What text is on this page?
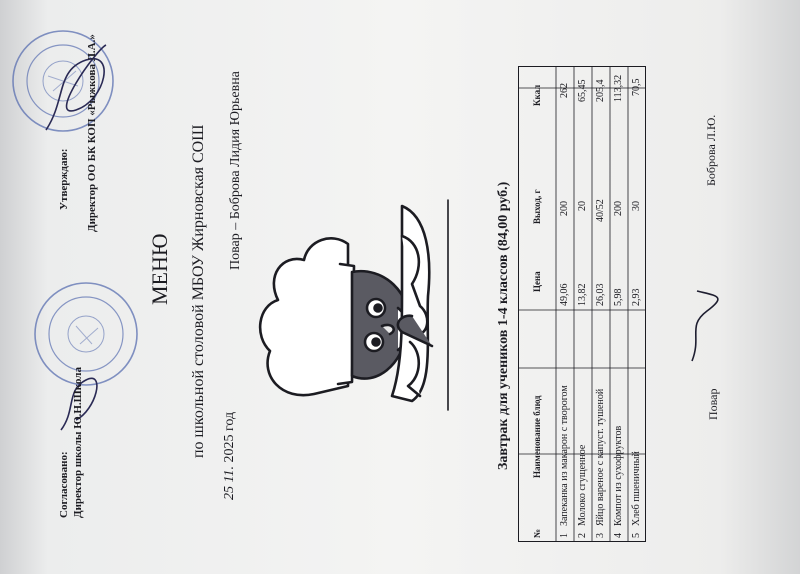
Утверждаю: Директор ОО БК КОП «Рыжкова Л.А.»
Согласовано: Директор школы Ю.Н.Школа
МЕНЮ по школьной столовой МБОУ Жирновская СОШ
25 11. 2025 год
Повар – Боброва Лидия Юрьевна
Завтрак для учеников 1-4 классов (84,00 руб.)
№
Наименование блюд
Цена
Выход, г
Ккал
1
Запеканка из макарон с творогом
49,06
200
262
2
Молоко сгущенное
13,82
20
65,45
3
Яйцо вареное с капуст. тушеной
26,03
40/52
205,4
4
Компот из сухофруктов
5,98
200
113,32
5
Хлеб пшеничный
2,93
30
70,5
Повар
Боброва Л.Ю.
